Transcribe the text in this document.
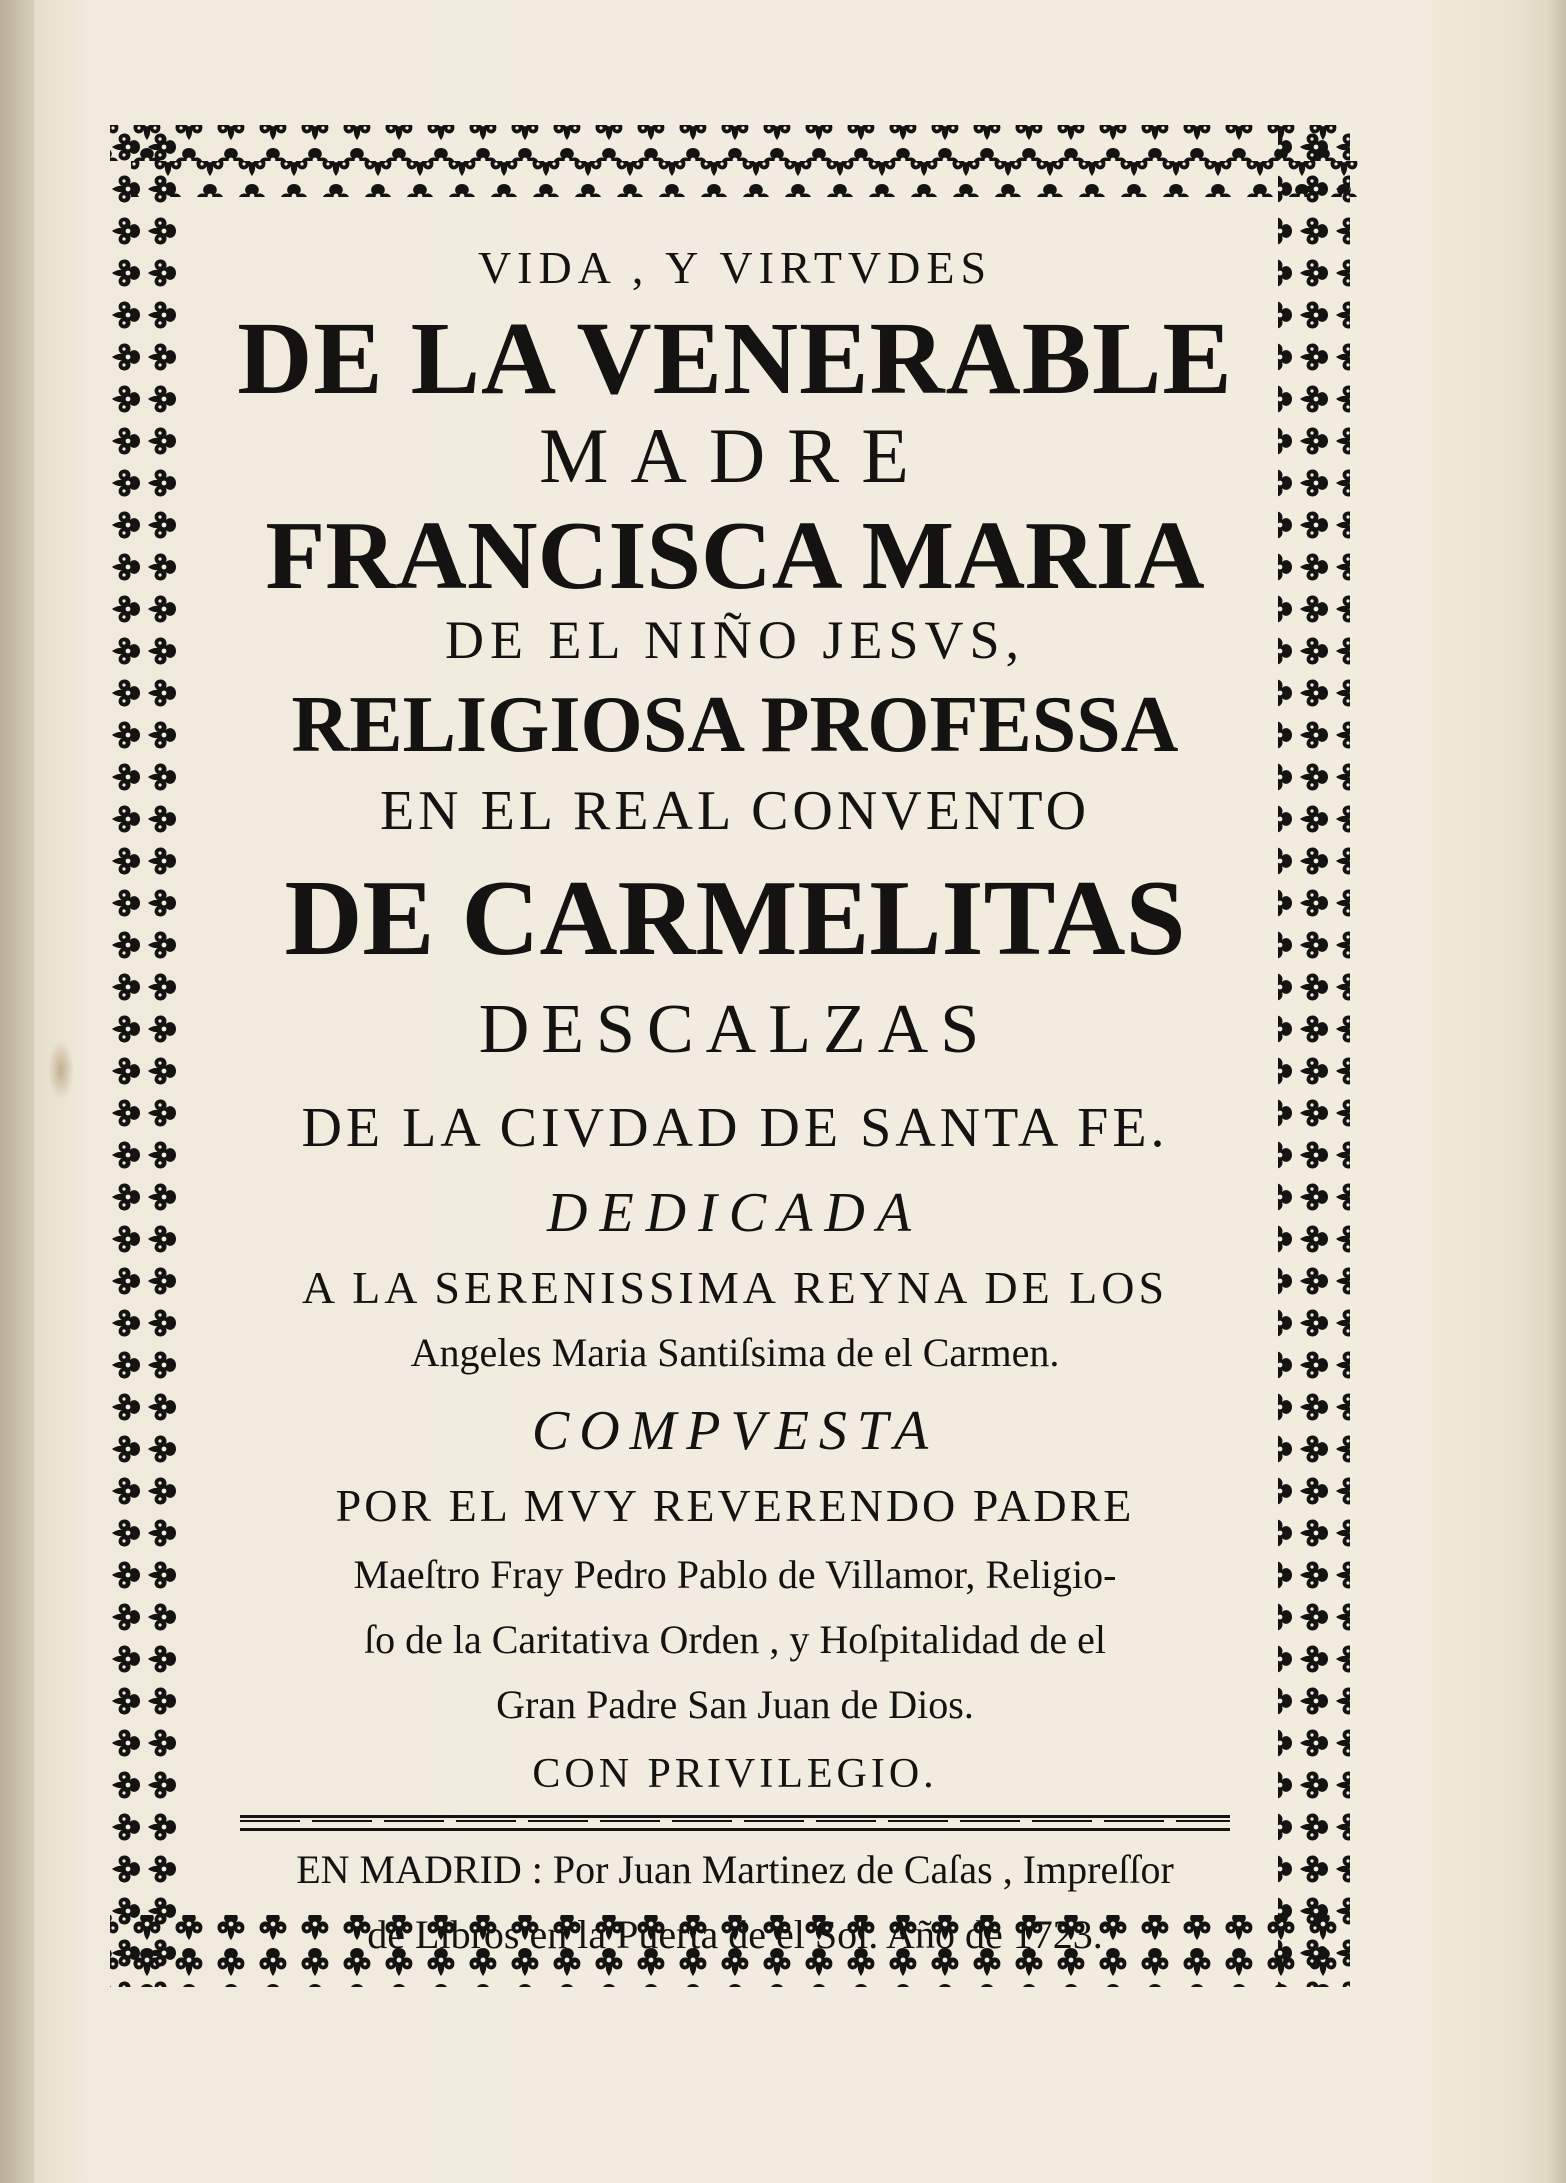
VIDA , Y VIRTVDES
DE LA VENERABLE
MADRE
FRANCISCA MARIA
DE EL NIÑO JESVS,
RELIGIOSA PROFESSA
EN EL REAL CONVENTO
DE CARMELITAS
DESCALZAS
DE LA CIVDAD DE SANTA FE.
DEDICADA
A LA SERENISSIMA REYNA DE LOS
Angeles Maria Santiſsima de el Carmen.
COMPVESTA
POR EL MVY REVERENDO PADRE
Maeſtro Fray Pedro Pablo de Villamor, Religio-
ſo de la Caritativa Orden , y Hoſpitalidad de el
Gran Padre San Juan de Dios.
CON PRIVILEGIO.
EN MADRID : Por Juan Martinez de Caſas , Impreſſor
de Libros en la Puerta de el Sol. Año de 1723.
